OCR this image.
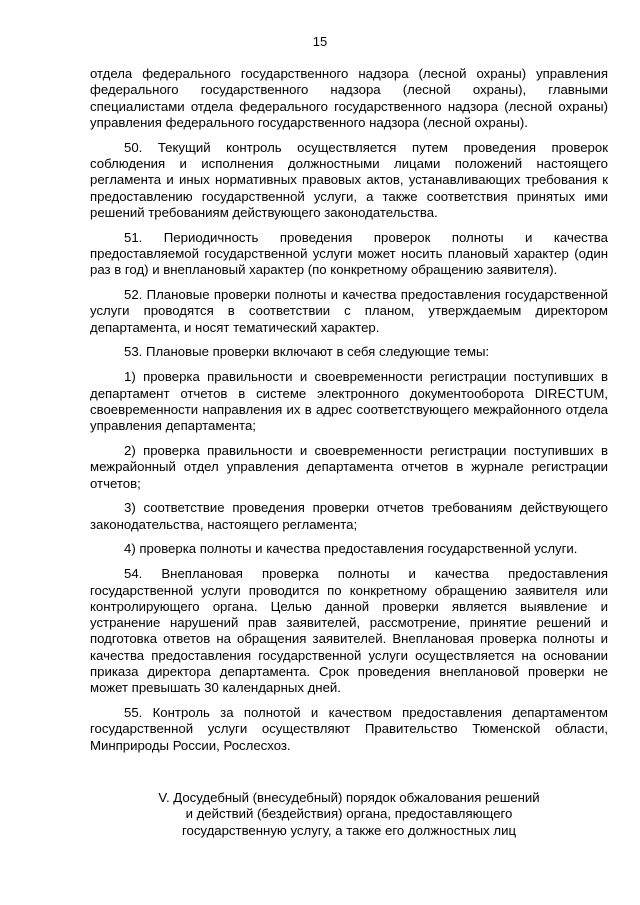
15

отдела федерального государственного надзора (лесной охраны) управления федерального государственного надзора (лесной охраны), главными специалистами отдела федерального государственного надзора (лесной охраны) управления федерального государственного надзора (лесной охраны).

50. Текущий контроль осуществляется путем проведения проверок соблюдения и исполнения должностными лицами положений настоящего регламента и иных нормативных правовых актов, устанавливающих требования к предоставлению государственной услуги, а также соответствия принятых ими решений требованиям действующего законодательства.

51. Периодичность проведения проверок полноты и качества предоставляемой государственной услуги может носить плановый характер (один раз в год) и внеплановый характер (по конкретному обращению заявителя).

52. Плановые проверки полноты и качества предоставления государственной услуги проводятся в соответствии с планом, утверждаемым директором департамента, и носят тематический характер.

53. Плановые проверки включают в себя следующие темы:

1) проверка правильности и своевременности регистрации поступивших в департамент отчетов в системе электронного документооборота DIRECTUM, своевременности направления их в адрес соответствующего межрайонного отдела управления департамента;

2) проверка правильности и своевременности регистрации поступивших в межрайонный отдел управления департамента отчетов в журнале регистрации отчетов;

3) соответствие проведения проверки отчетов требованиям действующего законодательства, настоящего регламента;

4) проверка полноты и качества предоставления государственной услуги.

54. Внеплановая проверка полноты и качества предоставления государственной услуги проводится по конкретному обращению заявителя или контролирующего органа. Целью данной проверки является выявление и устранение нарушений прав заявителей, рассмотрение, принятие решений и подготовка ответов на обращения заявителей. Внеплановая проверка полноты и качества предоставления государственной услуги осуществляется на основании приказа директора департамента. Срок проведения внеплановой проверки не может превышать 30 календарных дней.

55. Контроль за полнотой и качеством предоставления департаментом государственной услуги осуществляют Правительство Тюменской области, Минприроды России, Рослесхоз.

V. Досудебный (внесудебный) порядок обжалования решений
и действий (бездействия) органа, предоставляющего
государственную услугу, а также его должностных лиц
